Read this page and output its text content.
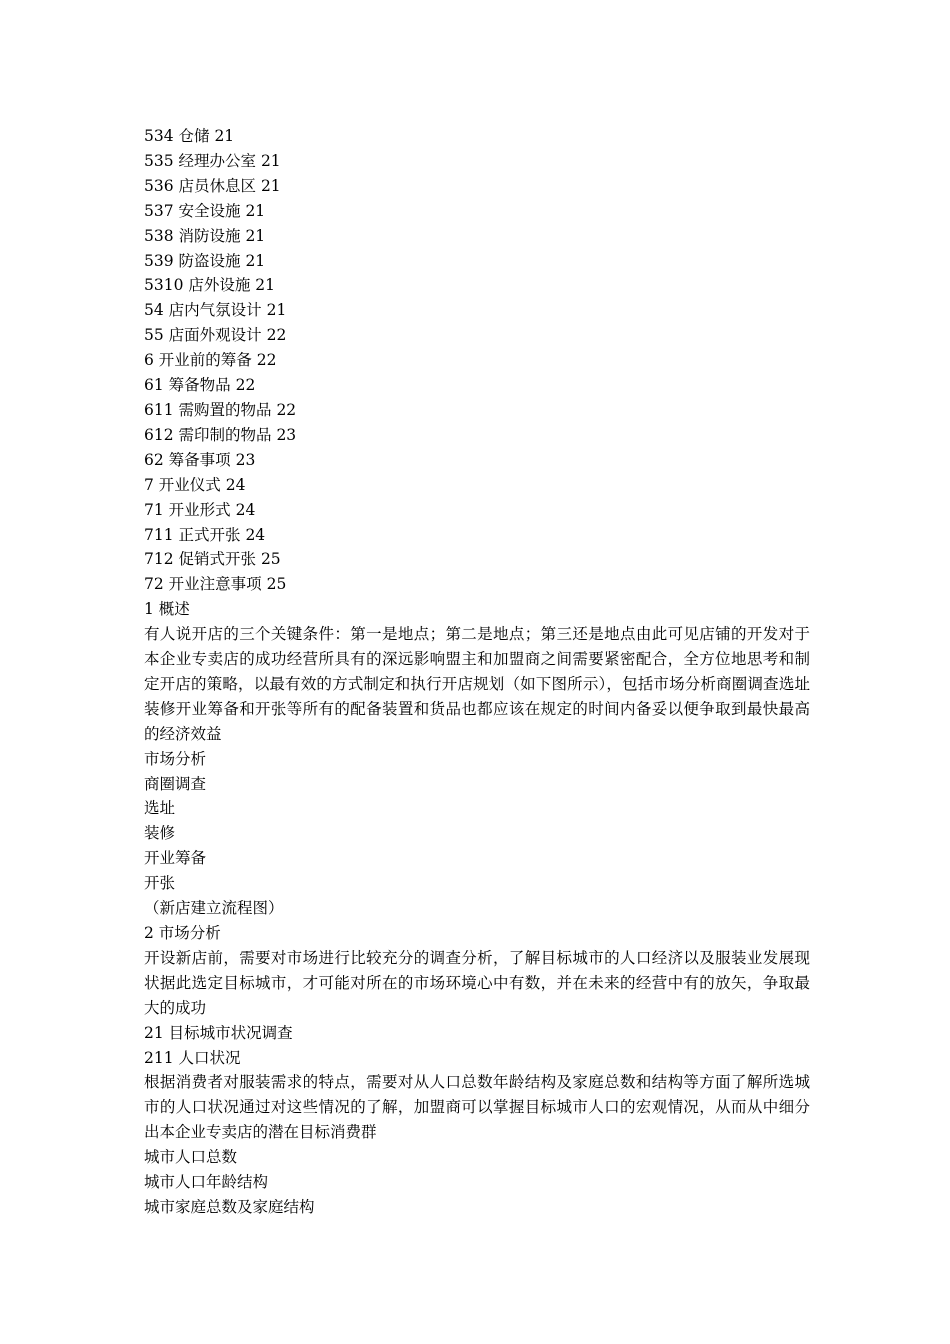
534 仓储 21
535 经理办公室 21
536 店员休息区 21
537 安全设施 21
538 消防设施 21
539 防盗设施 21
5310 店外设施 21
54 店内气氛设计 21
55 店面外观设计 22
6 开业前的筹备 22
61 筹备物品 22
611 需购置的物品 22
612 需印制的物品 23
62 筹备事项 23
7 开业仪式 24
71 开业形式 24
711 正式开张 24
712 促销式开张 25
72 开业注意事项 25
1 概述

有人说开店的三个关键条件：第一是地点；第二是地点；第三还是地点由此可见店铺的开发对于本企业专卖店的成功经营所具有的深远影响盟主和加盟商之间需要紧密配合，全方位地思考和制定开店的策略，以最有效的方式制定和执行开店规划（如下图所示），包括市场分析商圈调查选址装修开业筹备和开张等所有的配备装置和货品也都应该在规定的时间内备妥以便争取到最快最高的经济效益

市场分析
商圈调查
选址
装修
开业筹备
开张
（新店建立流程图）
2 市场分析

开设新店前，需要对市场进行比较充分的调查分析，了解目标城市的人口经济以及服装业发展现状据此选定目标城市，才可能对所在的市场环境心中有数，并在未来的经营中有的放矢，争取最大的成功

21 目标城市状况调查
211 人口状况

根据消费者对服装需求的特点，需要对从人口总数年龄结构及家庭总数和结构等方面了解所选城市的人口状况通过对这些情况的了解，加盟商可以掌握目标城市人口的宏观情况，从而从中细分出本企业专卖店的潜在目标消费群

城市人口总数
城市人口年龄结构
城市家庭总数及家庭结构
